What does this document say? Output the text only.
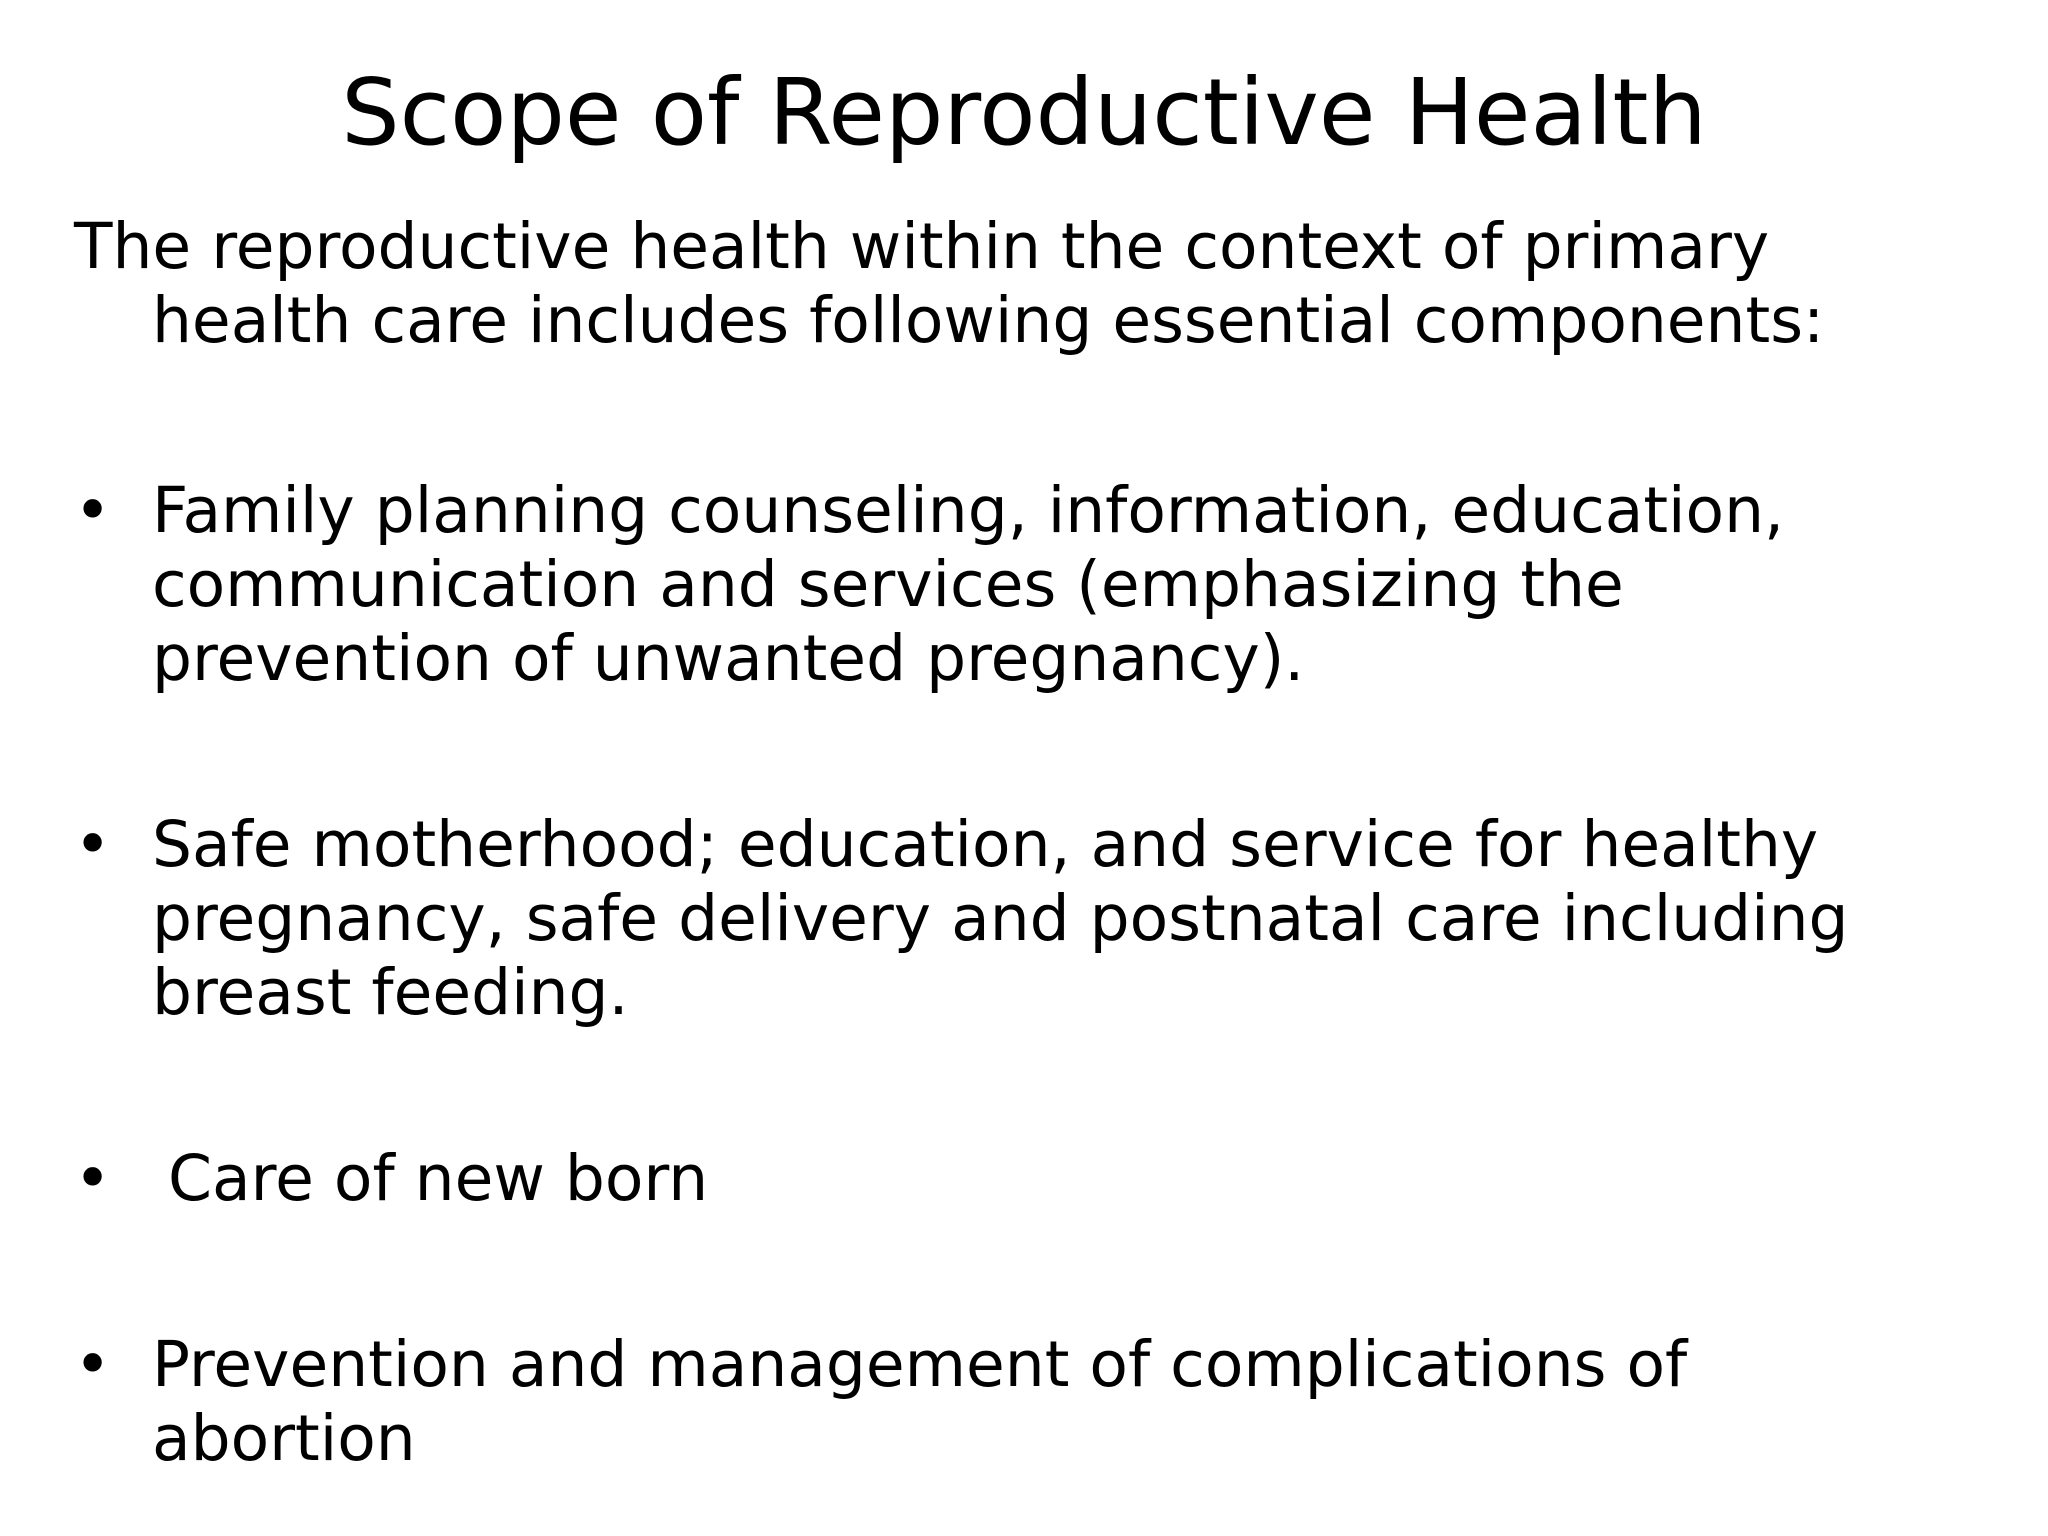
Scope of Reproductive Health

The reproductive health within the context of primary
health care includes following essential components:

• Family planning counseling, information, education,
communication and services (emphasizing the
prevention of unwanted pregnancy).
• Safe motherhood; education, and service for healthy
pregnancy, safe delivery and postnatal care including
breast feeding.
• Care of new born
• Prevention and management of complications of
abortion
